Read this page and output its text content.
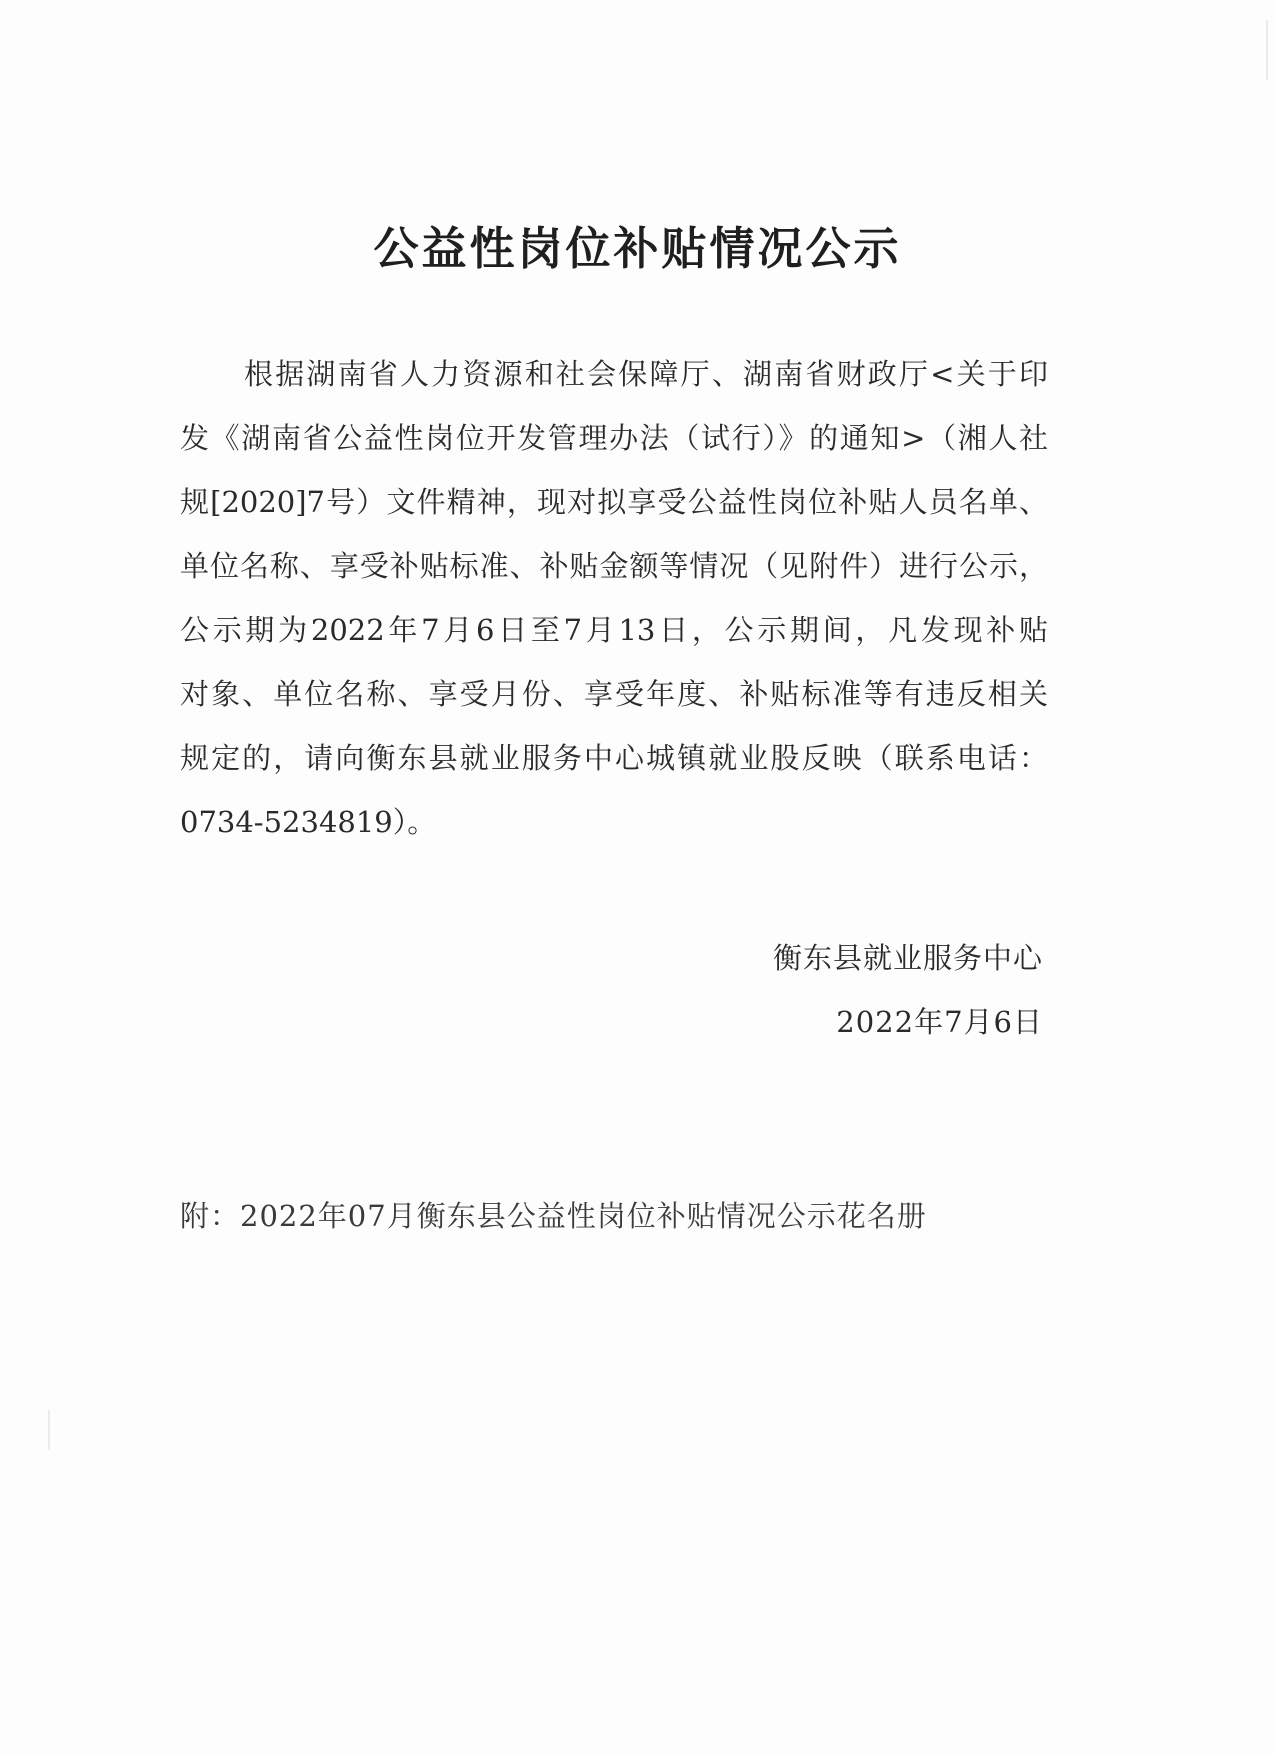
公益性岗位补贴情况公示
根据湖南省人力资源和社会保障厅、湖南省财政厅<关于印
发《湖南省公益性岗位开发管理办法（试行）》的通知>（湘人社
规[2020]7号）文件精神，现对拟享受公益性岗位补贴人员名单、
单位名称、享受补贴标准、补贴金额等情况（见附件）进行公示，
公示期为2022年7月6日至7月13日，公示期间，凡发现补贴
对象、单位名称、享受月份、享受年度、补贴标准等有违反相关
规定的，请向衡东县就业服务中心城镇就业股反映（联系电话：
0734-5234819）。
衡东县就业服务中心
2022年7月6日
附：2022年07月衡东县公益性岗位补贴情况公示花名册
